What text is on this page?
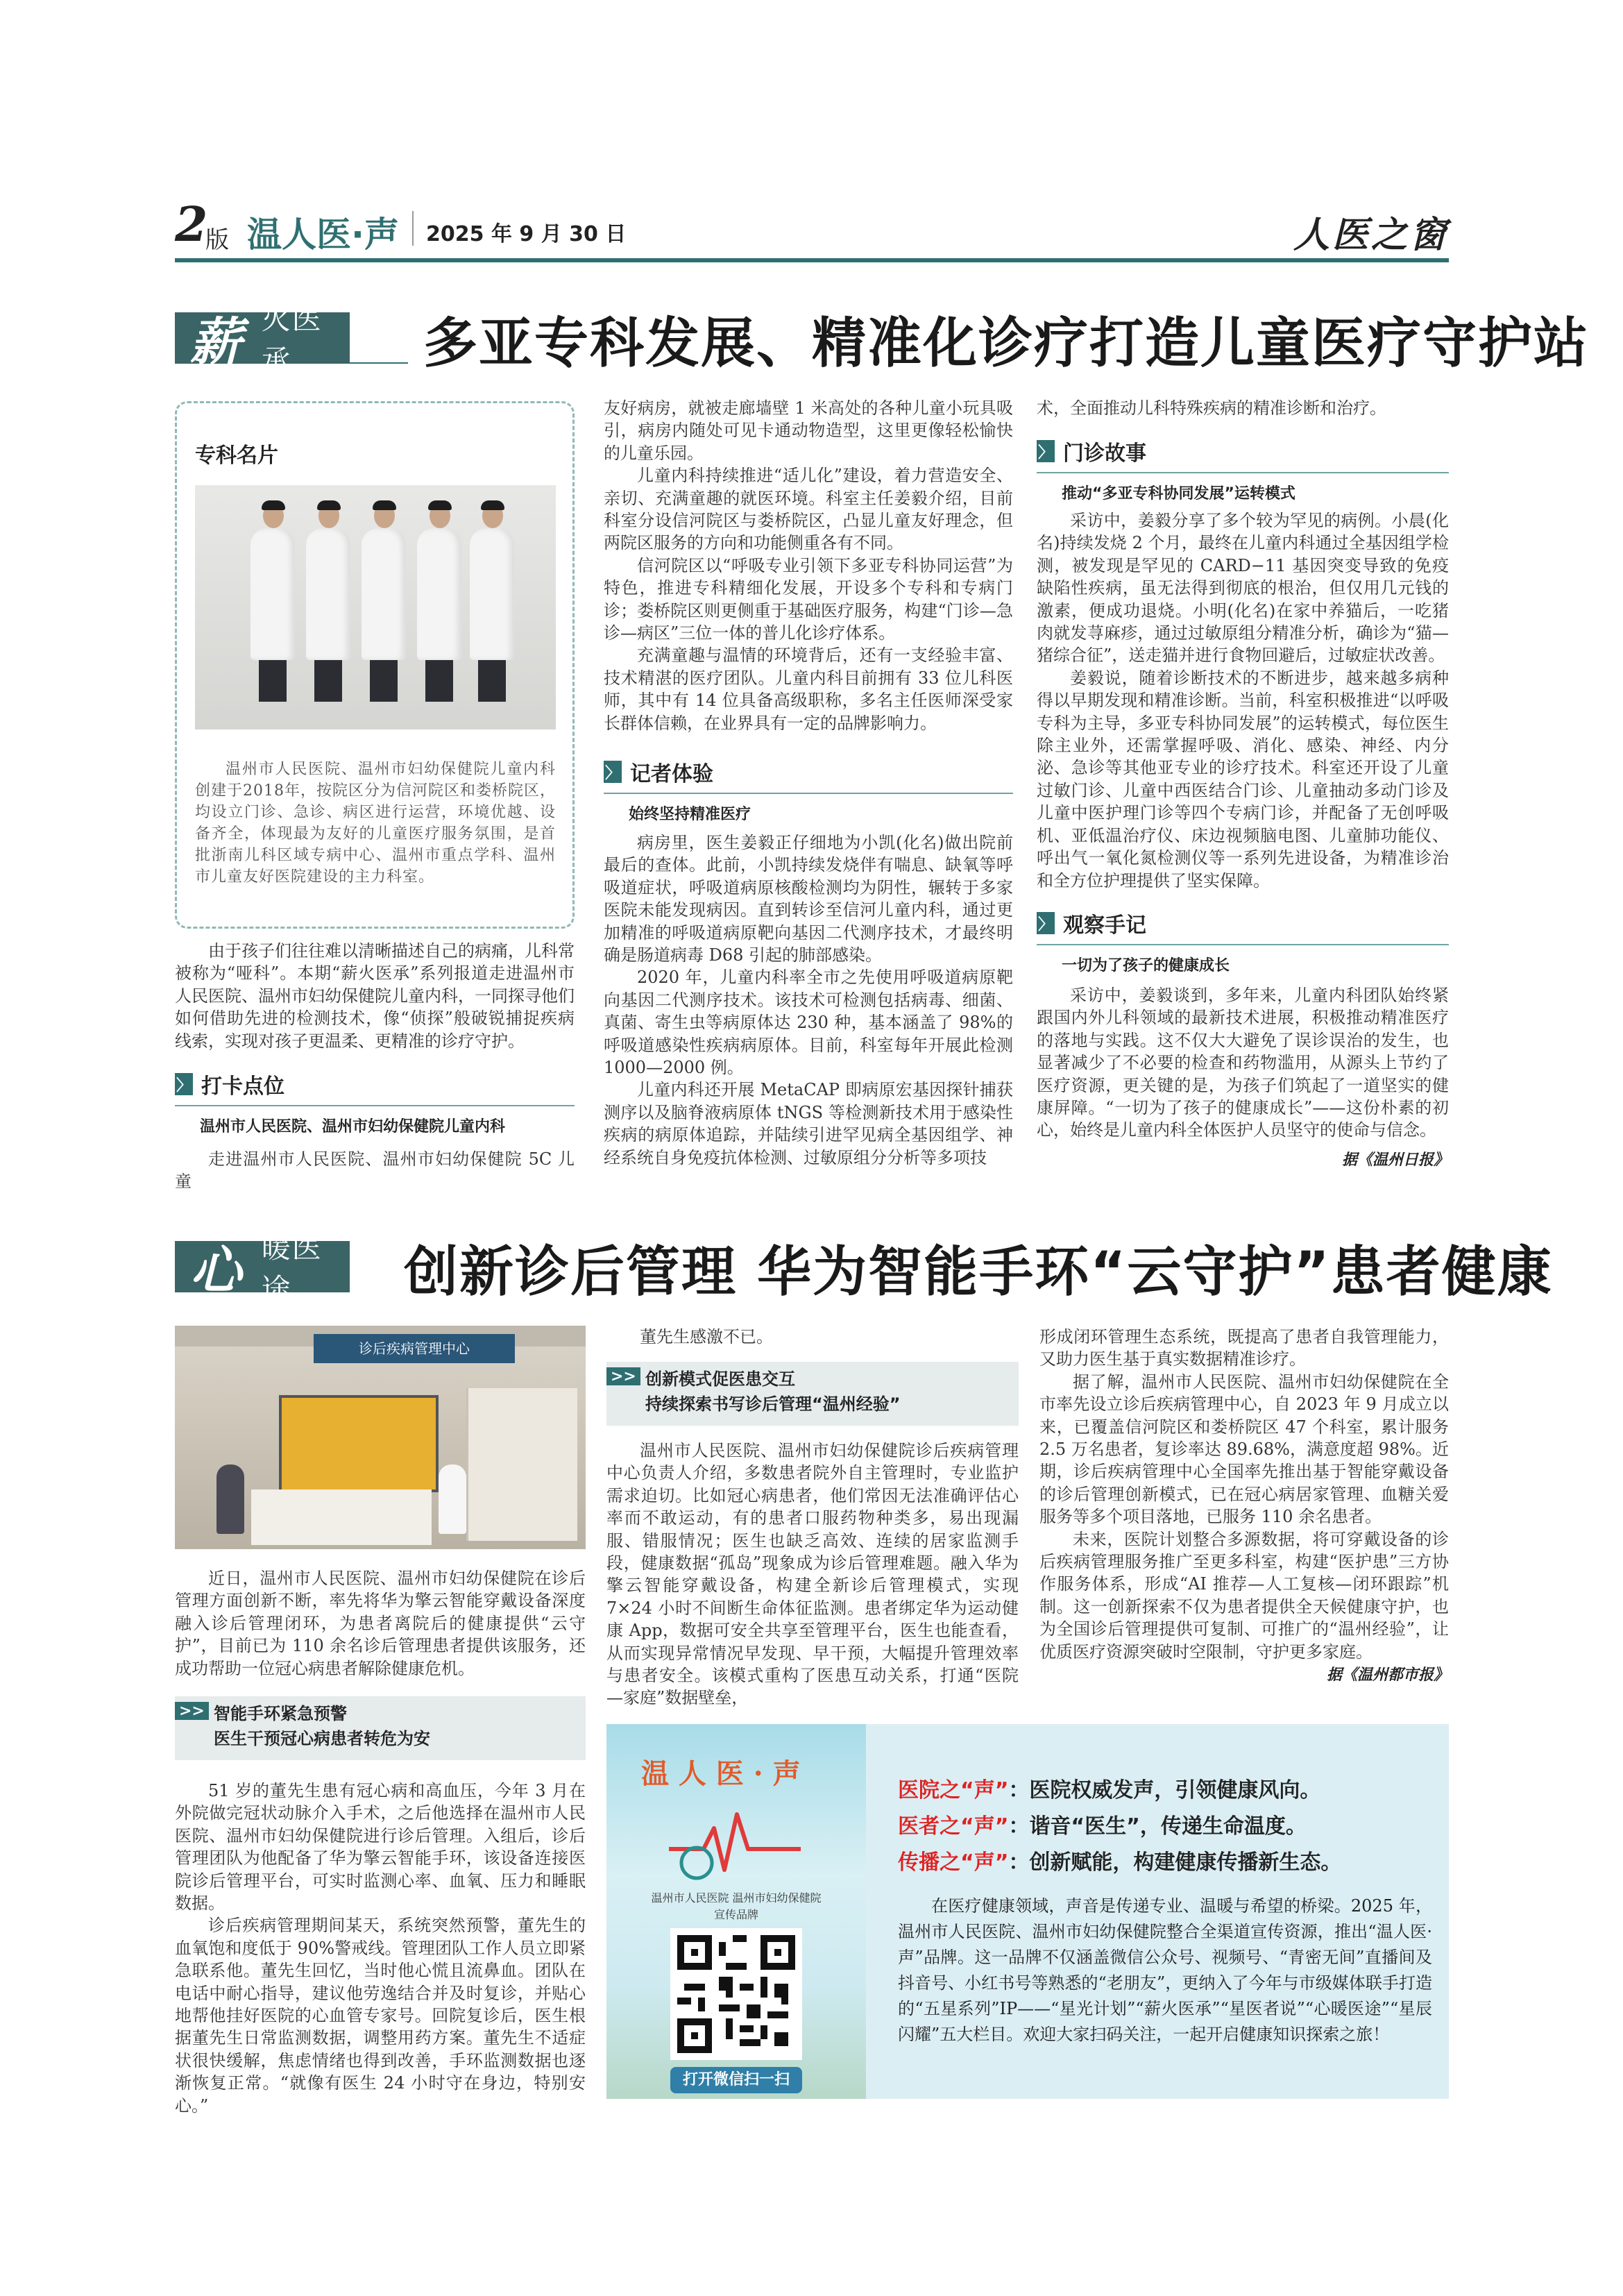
2
版 温人医·声 2025 年 9 月 30 日	人医之窗
薪 火医承	多亚专科发展、精准化诊疗打造儿童医疗守护站
专科名片
温州市人民医院、温州市妇幼保健院儿童内科创建于2018年，按院区分为信河院区和娄桥院区，均设立门诊、急诊、病区进行运营，环境优越、设备齐全，体现最为友好的儿童医疗服务氛围，是首批浙南儿科区域专病中心、温州市重点学科、温州市儿童友好医院建设的主力科室。

由于孩子们往往难以清晰描述自己的病痛，儿科常被称为“哑科”。本期“薪火医承”系列报道走进温州市人民医院、温州市妇幼保健院儿童内科，一同探寻他们如何借助先进的检测技术，像“侦探”般破锐捕捉疾病线索，实现对孩子更温柔、更精准的诊疗守护。

〉 打卡点位
温州市人民医院、温州市妇幼保健院儿童内科

走进温州市人民医院、温州市妇幼保健院 5C 儿童

友好病房，就被走廊墙壁 1 米高处的各种儿童小玩具吸引，病房内随处可见卡通动物造型，这里更像轻松愉快的儿童乐园。

儿童内科持续推进“适儿化”建设，着力营造安全、亲切、充满童趣的就医环境。科室主任姜毅介绍，目前科室分设信河院区与娄桥院区，凸显儿童友好理念，但两院区服务的方向和功能侧重各有不同。

信河院区以“呼吸专业引领下多亚专科协同运营”为特色，推进专科精细化发展，开设多个专科和专病门诊；娄桥院区则更侧重于基础医疗服务，构建“门诊—急诊—病区”三位一体的普儿化诊疗体系。

充满童趣与温情的环境背后，还有一支经验丰富、技术精湛的医疗团队。儿童内科目前拥有 33 位儿科医师，其中有 14 位具备高级职称，多名主任医师深受家长群体信赖，在业界具有一定的品牌影响力。

〉 记者体验
始终坚持精准医疗

病房里，医生姜毅正仔细地为小凯(化名)做出院前最后的查体。此前，小凯持续发烧伴有喘息、缺氧等呼吸道症状，呼吸道病原核酸检测均为阴性，辗转于多家医院未能发现病因。直到转诊至信河儿童内科，通过更加精准的呼吸道病原靶向基因二代测序技术，才最终明确是肠道病毒 D68 引起的肺部感染。

2020 年，儿童内科率全市之先使用呼吸道病原靶向基因二代测序技术。该技术可检测包括病毒、细菌、真菌、寄生虫等病原体达 230 种，基本涵盖了 98%的呼吸道感染性疾病病原体。目前，科室每年开展此检测 1000—2000 例。

儿童内科还开展 MetaCAP 即病原宏基因探针捕获测序以及脑脊液病原体 tNGS 等检测新技术用于感染性疾病的病原体追踪，并陆续引进罕见病全基因组学、神经系统自身免疫抗体检测、过敏原组分分析等多项技

术，全面推动儿科特殊疾病的精准诊断和治疗。

〉 门诊故事
推动“多亚专科协同发展”运转模式

采访中，姜毅分享了多个较为罕见的病例。小晨(化名)持续发烧 2 个月，最终在儿童内科通过全基因组学检测，被发现是罕见的 CARD−11 基因突变导致的免疫缺陷性疾病，虽无法得到彻底的根治，但仅用几元钱的激素，便成功退烧。小明(化名)在家中养猫后，一吃猪肉就发荨麻疹，通过过敏原组分精准分析，确诊为“猫—猪综合征”，送走猫并进行食物回避后，过敏症状改善。

姜毅说，随着诊断技术的不断进步，越来越多病种得以早期发现和精准诊断。当前，科室积极推进“以呼吸专科为主导，多亚专科协同发展”的运转模式，每位医生除主业外，还需掌握呼吸、消化、感染、神经、内分泌、急诊等其他亚专业的诊疗技术。科室还开设了儿童过敏门诊、儿童中西医结合门诊、儿童抽动多动门诊及儿童中医护理门诊等四个专病门诊，并配备了无创呼吸机、亚低温治疗仪、床边视频脑电图、儿童肺功能仪、呼出气一氧化氮检测仪等一系列先进设备，为精准诊治和全方位护理提供了坚实保障。

〉 观察手记
一切为了孩子的健康成长

采访中，姜毅谈到，多年来，儿童内科团队始终紧跟国内外儿科领域的最新技术进展，积极推动精准医疗的落地与实践。这不仅大大避免了误诊误治的发生，也显著减少了不必要的检查和药物滥用，从源头上节约了医疗资源，更关键的是，为孩子们筑起了一道坚实的健康屏障。“一切为了孩子的健康成长”——这份朴素的初心，始终是儿童内科全体医护人员坚守的使命与信念。

据《温州日报》
心 暖医途	创新诊后管理 华为智能手环“云守护”患者健康
诊后疾病管理中心

近日，温州市人民医院、温州市妇幼保健院在诊后管理方面创新不断，率先将华为擎云智能穿戴设备深度融入诊后管理闭环，为患者离院后的健康提供“云守护”，目前已为 110 余名诊后管理患者提供该服务，还成功帮助一位冠心病患者解除健康危机。

>> 智能手环紧急预警
医生干预冠心病患者转危为安

51 岁的董先生患有冠心病和高血压，今年 3 月在外院做完冠状动脉介入手术，之后他选择在温州市人民医院、温州市妇幼保健院进行诊后管理。入组后，诊后管理团队为他配备了华为擎云智能手环，该设备连接医院诊后管理平台，可实时监测心率、血氧、压力和睡眠数据。

诊后疾病管理期间某天，系统突然预警，董先生的血氧饱和度低于 90%警戒线。管理团队工作人员立即紧急联系他。董先生回忆，当时他心慌且流鼻血。团队在电话中耐心指导，建议他劳逸结合并及时复诊，并贴心地帮他挂好医院的心血管专家号。回院复诊后，医生根据董先生日常监测数据，调整用药方案。董先生不适症状很快缓解，焦虑情绪也得到改善，手环监测数据也逐渐恢复正常。“就像有医生 24 小时守在身边，特别安心。”

董先生感激不已。

>> 创新模式促医患交互
持续探索书写诊后管理“温州经验”

温州市人民医院、温州市妇幼保健院诊后疾病管理中心负责人介绍，多数患者院外自主管理时，专业监护需求迫切。比如冠心病患者，他们常因无法准确评估心率而不敢运动，有的患者口服药物种类多，易出现漏服、错服情况；医生也缺乏高效、连续的居家监测手段，健康数据“孤岛”现象成为诊后管理难题。融入华为擎云智能穿戴设备，构建全新诊后管理模式，实现 7×24 小时不间断生命体征监测。患者绑定华为运动健康 App，数据可安全共享至管理平台，医生也能查看，从而实现异常情况早发现、早干预，大幅提升管理效率与患者安全。该模式重构了医患互动关系，打通“医院 —家庭”数据壁垒，

形成闭环管理生态系统，既提高了患者自我管理能力，又助力医生基于真实数据精准诊疗。

据了解，温州市人民医院、温州市妇幼保健院在全市率先设立诊后疾病管理中心，自 2023 年 9 月成立以来，已覆盖信河院区和娄桥院区 47 个科室，累计服务 2.5 万名患者，复诊率达 89.68%，满意度超 98%。近期，诊后疾病管理中心全国率先推出基于智能穿戴设备的诊后管理创新模式，已在冠心病居家管理、血糖关爱服务等多个项目落地，已服务 110 余名患者。

未来，医院计划整合多源数据，将可穿戴设备的诊后疾病管理服务推广至更多科室，构建“医护患”三方协作服务体系，形成“AI 推荐—人工复核—闭环跟踪”机制。这一创新探索不仅为患者提供全天候健康守护，也为全国诊后管理提供可复制、可推广的“温州经验”，让优质医疗资源突破时空限制，守护更多家庭。

据《温州都市报》
温 人 医 · 声
温州市人民医院 温州市妇幼保健院
宣传品牌
打开微信扫一扫
医院之“声”：医院权威发声，引领健康风向。
医者之“声”：谐音“医生”，传递生命温度。
传播之“声”：创新赋能，构建健康传播新生态。

在医疗健康领域，声音是传递专业、温暖与希望的桥梁。2025 年，温州市人民医院、温州市妇幼保健院整合全渠道宣传资源，推出“温人医·声”品牌。这一品牌不仅涵盖微信公众号、视频号、“青密无间”直播间及抖音号、小红书号等熟悉的“老朋友”，更纳入了今年与市级媒体联手打造的“五星系列”IP——“星光计划”“薪火医承”“星医者说”“心暖医途”“星辰闪耀”五大栏目。欢迎大家扫码关注，一起开启健康知识探索之旅！
